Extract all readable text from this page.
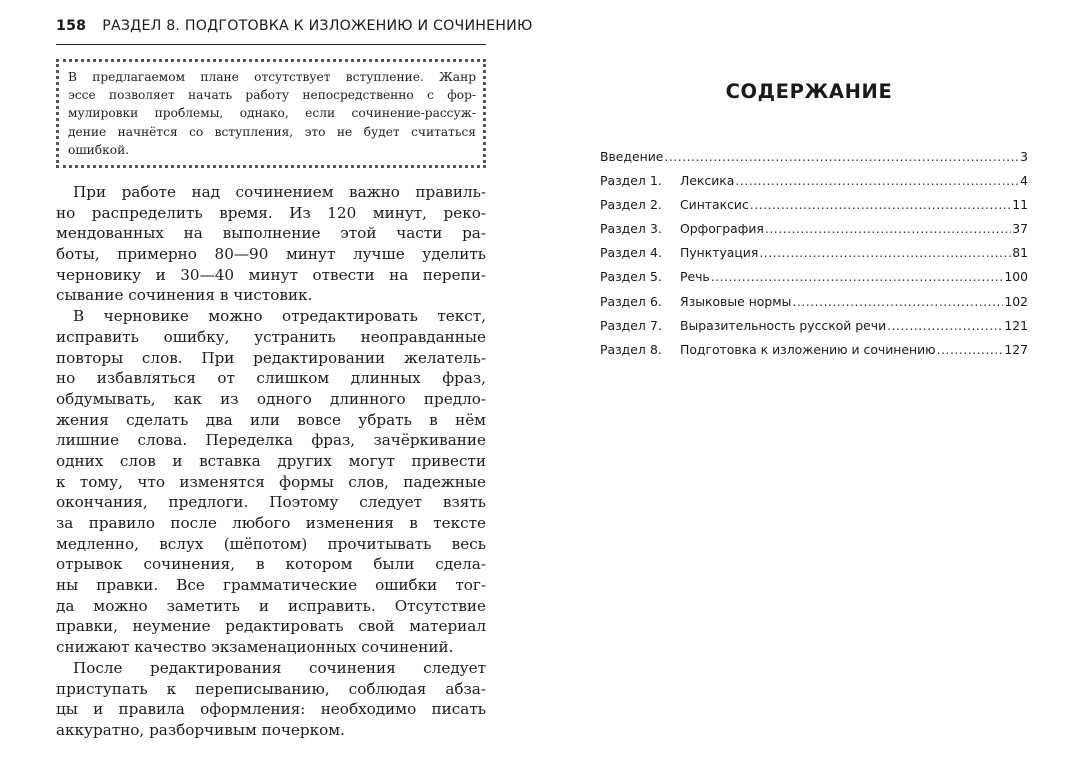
158 РАЗДЕЛ 8. ПОДГОТОВКА К ИЗЛОЖЕНИЮ И СОЧИНЕНИЮ
В предлагаемом плане отсутствует вступление. Жанр
эссе позволяет начать работу непосредственно с фор-
мулировки проблемы, однако, если сочинение-рассуж-
дение начнётся со вступления, это не будет считаться
ошибкой.
При работе над сочинением важно правиль-
но распределить время. Из 120 минут, реко-
мендованных на выполнение этой части ра-
боты, примерно 80—90 минут лучше уделить
черновику и 30—40 минут отвести на перепи-
сывание сочинения в чистовик.
В черновике можно отредактировать текст,
исправить ошибку, устранить неоправданные
повторы слов. При редактировании желатель-
но избавляться от слишком длинных фраз,
обдумывать, как из одного длинного предло-
жения сделать два или вовсе убрать в нём
лишние слова. Переделка фраз, зачёркивание
одних слов и вставка других могут привести
к тому, что изменятся формы слов, падежные
окончания, предлоги. Поэтому следует взять
за правило после любого изменения в тексте
медленно, вслух (шёпотом) прочитывать весь
отрывок сочинения, в котором были сдела-
ны правки. Все грамматические ошибки тог-
да можно заметить и исправить. Отсутствие
правки, неумение редактировать свой материал
снижают качество экзаменационных сочинений.
После редактирования сочинения следует
приступать к переписыванию, соблюдая абза-
цы и правила оформления: необходимо писать
аккуратно, разборчивым почерком.
СОДЕРЖАНИЕ
Введение .....	3
Раздел 1. Лексика .....	4
Раздел 2. Синтаксис .....	11
Раздел 3. Орфография .....	37
Раздел 4. Пунктуация .....	81
Раздел 5. Речь .....	100
Раздел 6. Языковые нормы .....	102
Раздел 7. Выразительность русской речи .....	121
Раздел 8. Подготовка к изложению и сочинению .....	127
